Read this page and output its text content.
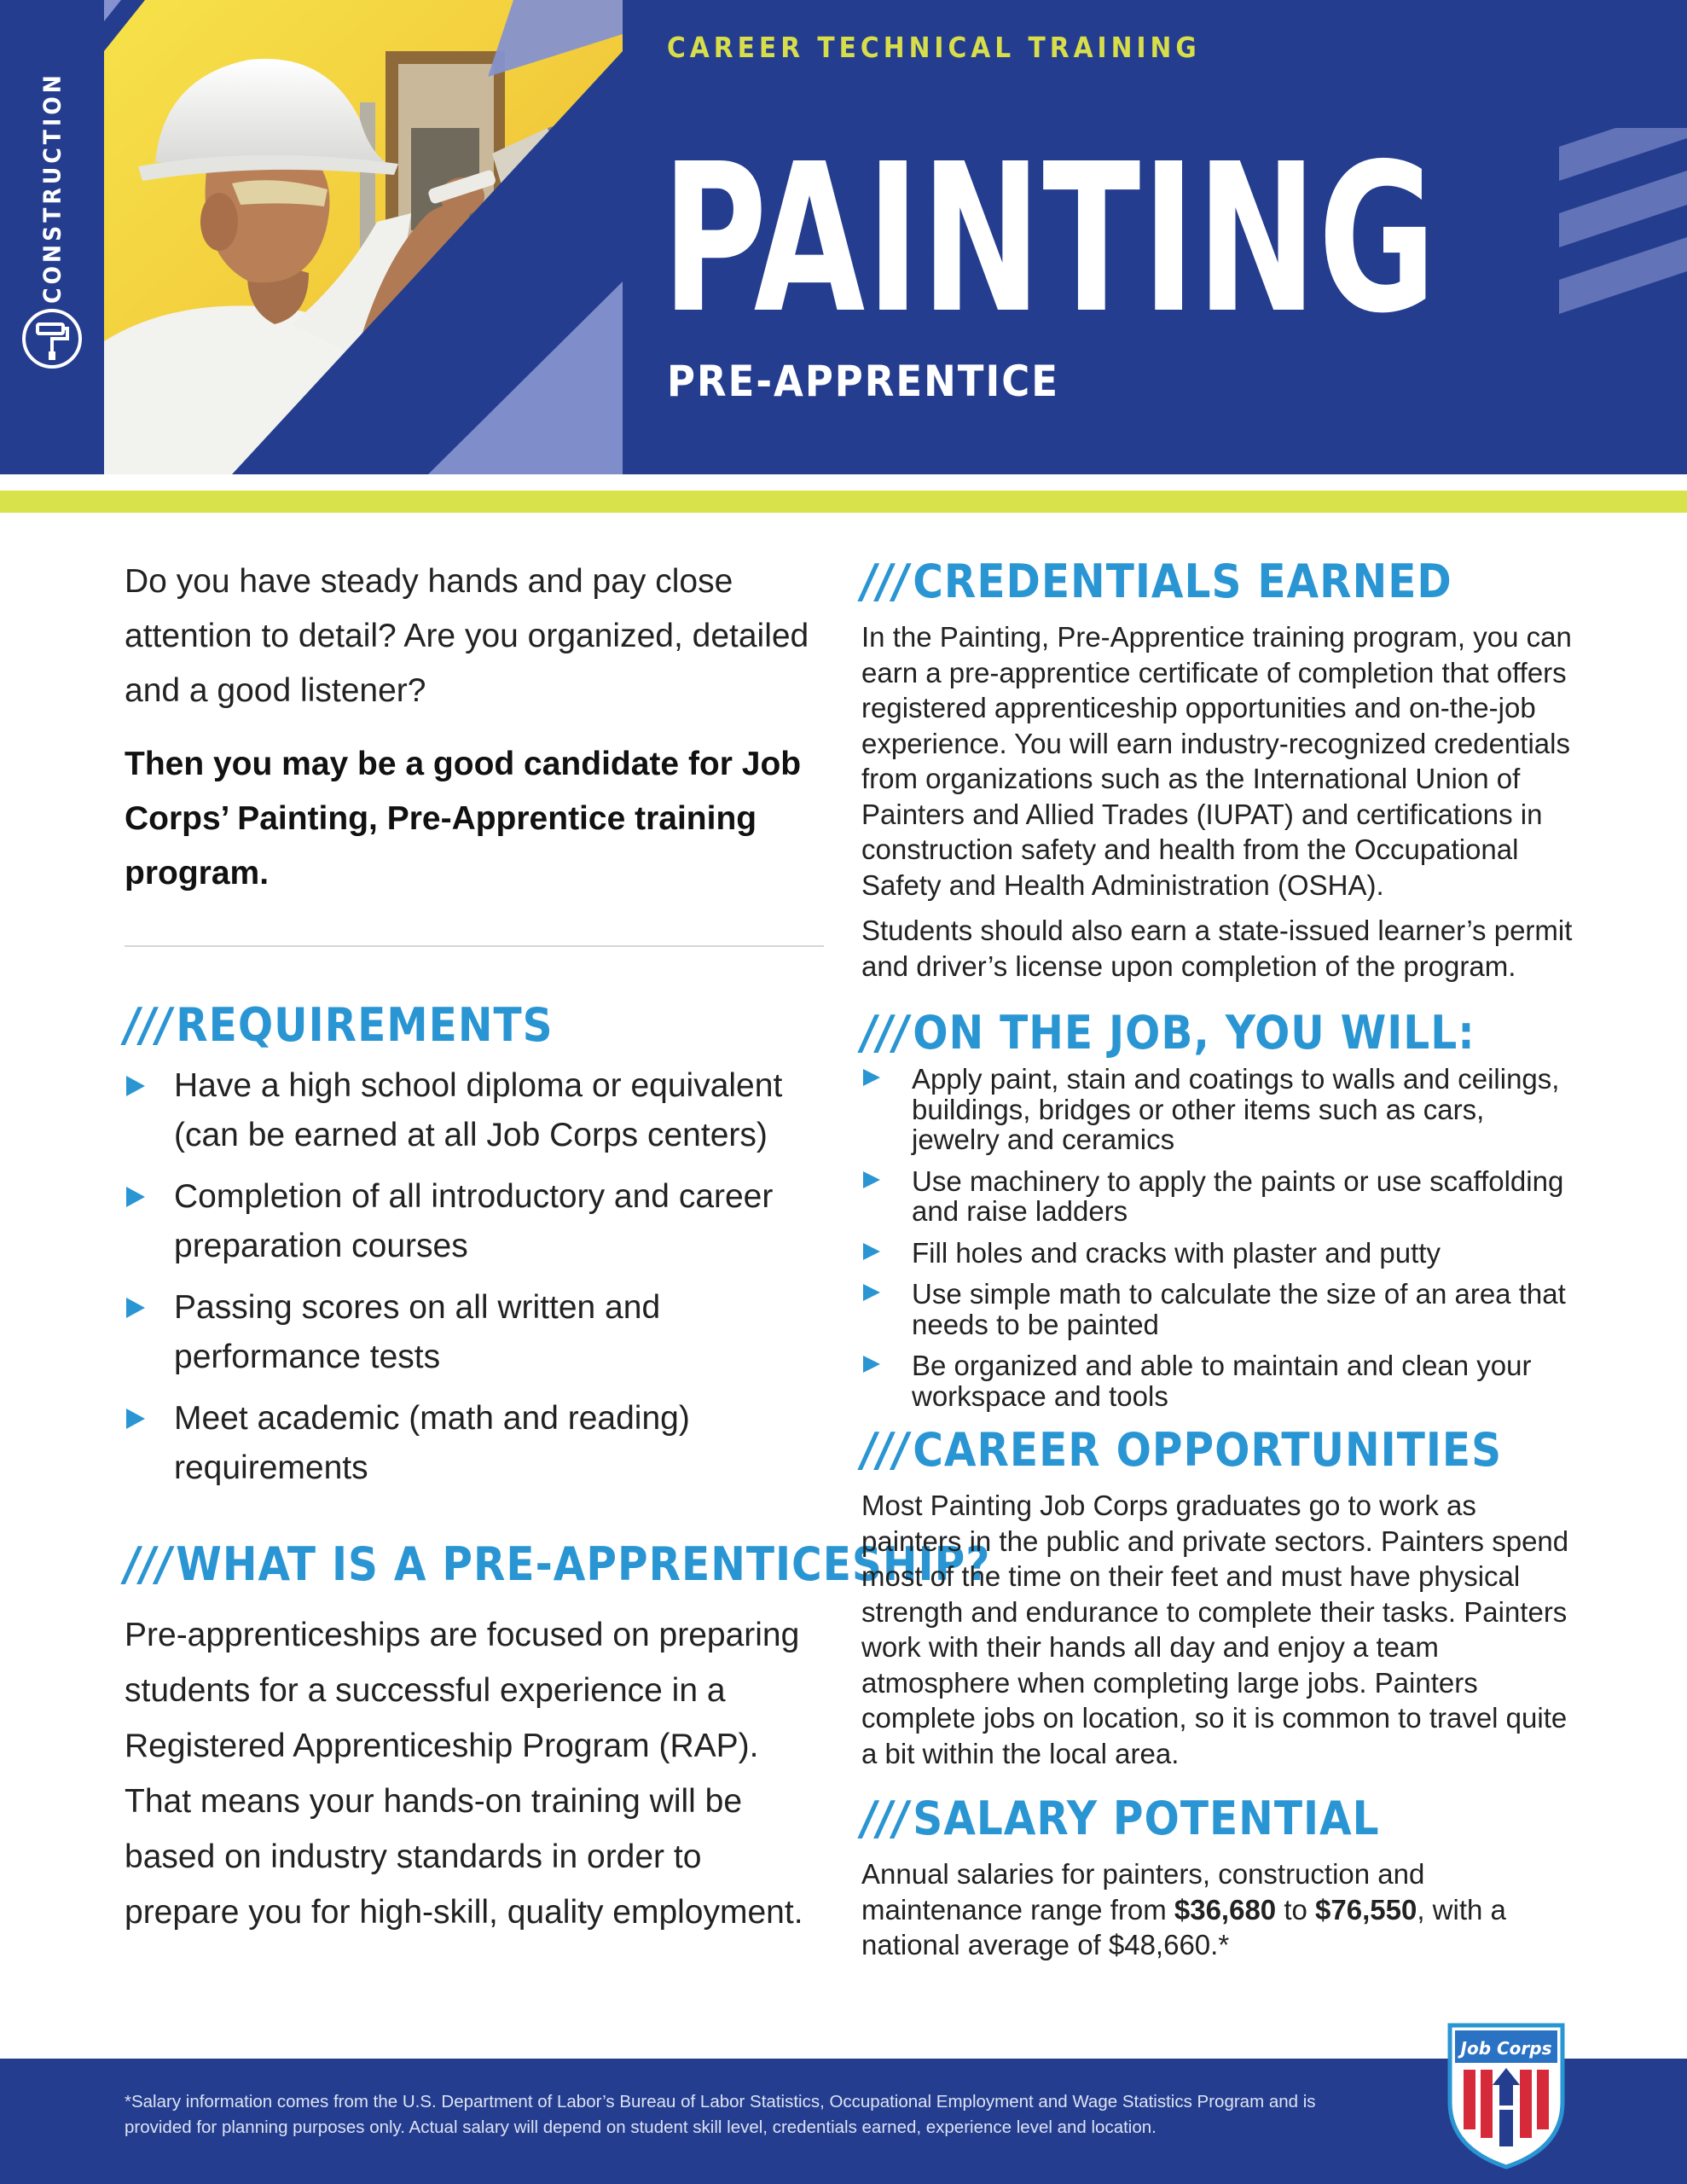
CONSTRUCTION
CAREER TECHNICAL TRAINING
PAINTING
PRE-APPRENTICE

Do you have steady hands and pay close attention to detail? Are you organized, detailed and a good listener?

Then you may be a good candidate for Job Corps’ Painting, Pre-Apprentice training program.

///REQUIREMENTS
Have a high school diploma or equivalent (can be earned at all Job Corps centers)
Completion of all introductory and career preparation courses
Passing scores on all written and performance tests
Meet academic (math and reading) requirements
///WHAT IS A PRE-APPRENTICESHIP?

Pre-apprenticeships are focused on preparing students for a successful experience in a Registered Apprenticeship Program (RAP). That means your hands-on training will be based on industry standards in order to prepare you for high-skill, quality employment.

///CREDENTIALS EARNED

In the Painting, Pre-Apprentice training program, you can earn a pre-apprentice certificate of completion that offers registered apprenticeship opportunities and on-the-job experience. You will earn industry-recognized credentials from organizations such as the International Union of Painters and Allied Trades (IUPAT) and certifications in construction safety and health from the Occupational Safety and Health Administration (OSHA).

Students should also earn a state-issued learner’s permit and driver’s license upon completion of the program.

///ON THE JOB, YOU WILL:
Apply paint, stain and coatings to walls and ceilings, buildings, bridges or other items such as cars, jewelry and ceramics
Use machinery to apply the paints or use scaffolding and raise ladders
Fill holes and cracks with plaster and putty
Use simple math to calculate the size of an area that needs to be painted
Be organized and able to maintain and clean your workspace and tools
///CAREER OPPORTUNITIES

Most Painting Job Corps graduates go to work as painters in the public and private sectors. Painters spend most of the time on their feet and must have physical strength and endurance to complete their tasks. Painters work with their hands all day and enjoy a team atmosphere when completing large jobs. Painters complete jobs on location, so it is common to travel quite a bit within the local area.

///SALARY POTENTIAL

Annual salaries for painters, construction and maintenance range from $36,680 to $76,550, with a national average of $48,660.*

*Salary information comes from the U.S. Department of Labor’s Bureau of Labor Statistics, Occupational Employment and Wage Statistics Program and is provided for planning purposes only. Actual salary will depend on student skill level, credentials earned, experience level and location.

Job Corps
